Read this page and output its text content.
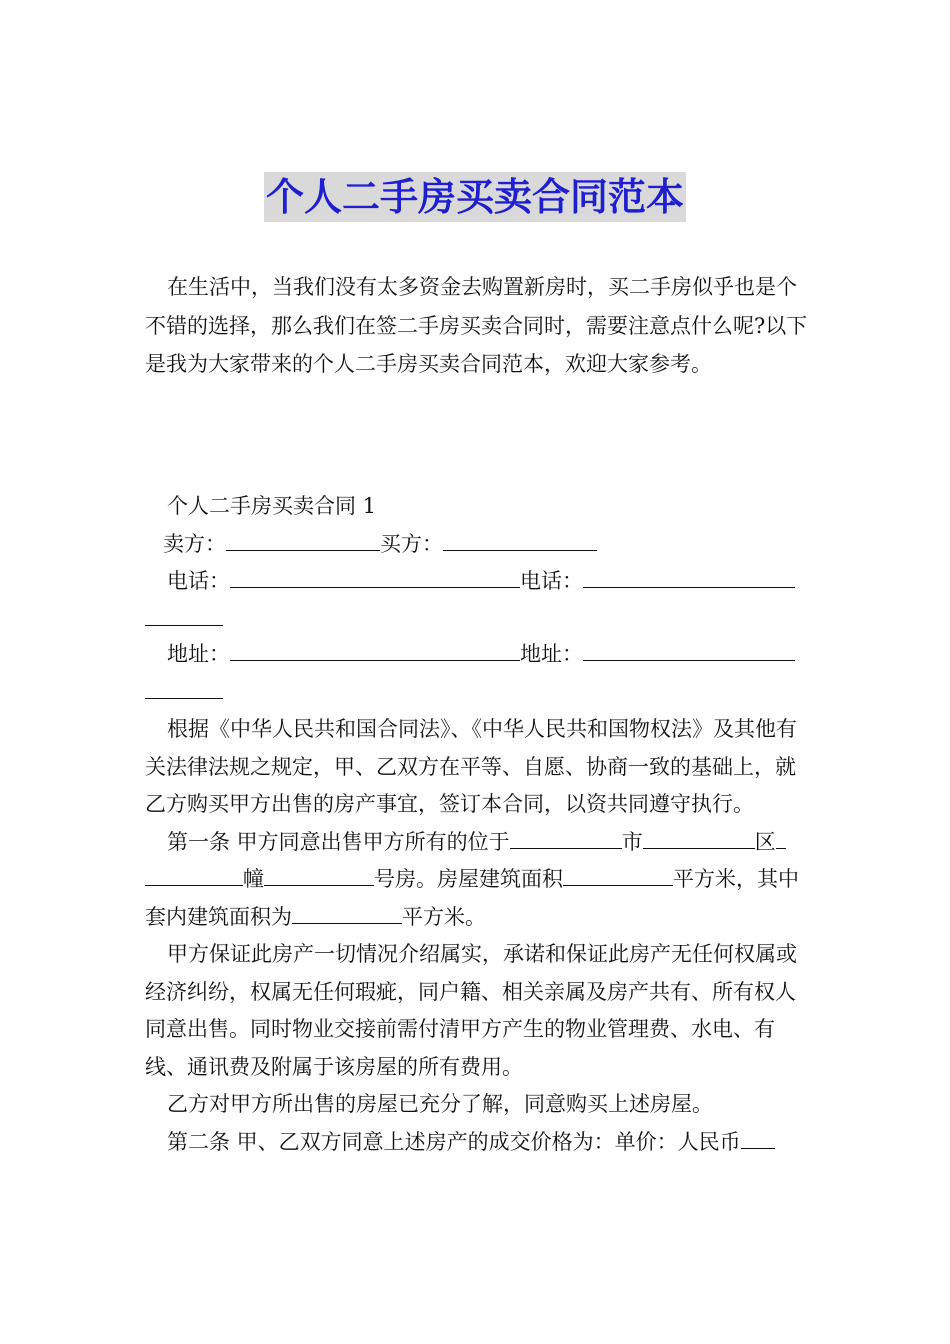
个人二手房买卖合同范本

在生活中，当我们没有太多资金去购置新房时，买二手房似乎也是个不错的选择，那么我们在签二手房买卖合同时，需要注意点什么呢?以下是我为大家带来的个人二手房买卖合同范本，欢迎大家参考。

个人二手房买卖合同 1

卖方：	买方：

电话：	电话：

地址：	地址：

根据《中华人民共和国合同法》、《中华人民共和国物权法》及其他有关法律法规之规定，甲、乙双方在平等、自愿、协商一致的基础上，就乙方购买甲方出售的房产事宜，签订本合同，以资共同遵守执行。

第一条 甲方同意出售甲方所有的位于	市	区幢	号房。房屋建筑面积	平方米，其中套内建筑面积为	平方米。

甲方保证此房产一切情况介绍属实，承诺和保证此房产无任何权属或经济纠纷，权属无任何瑕疵，同户籍、相关亲属及房产共有、所有权人同意出售。同时物业交接前需付清甲方产生的物业管理费、水电、有线、通讯费及附属于该房屋的所有费用。

乙方对甲方所出售的房屋已充分了解，同意购买上述房屋。

第二条 甲、乙双方同意上述房产的成交价格为：单价：人民币
